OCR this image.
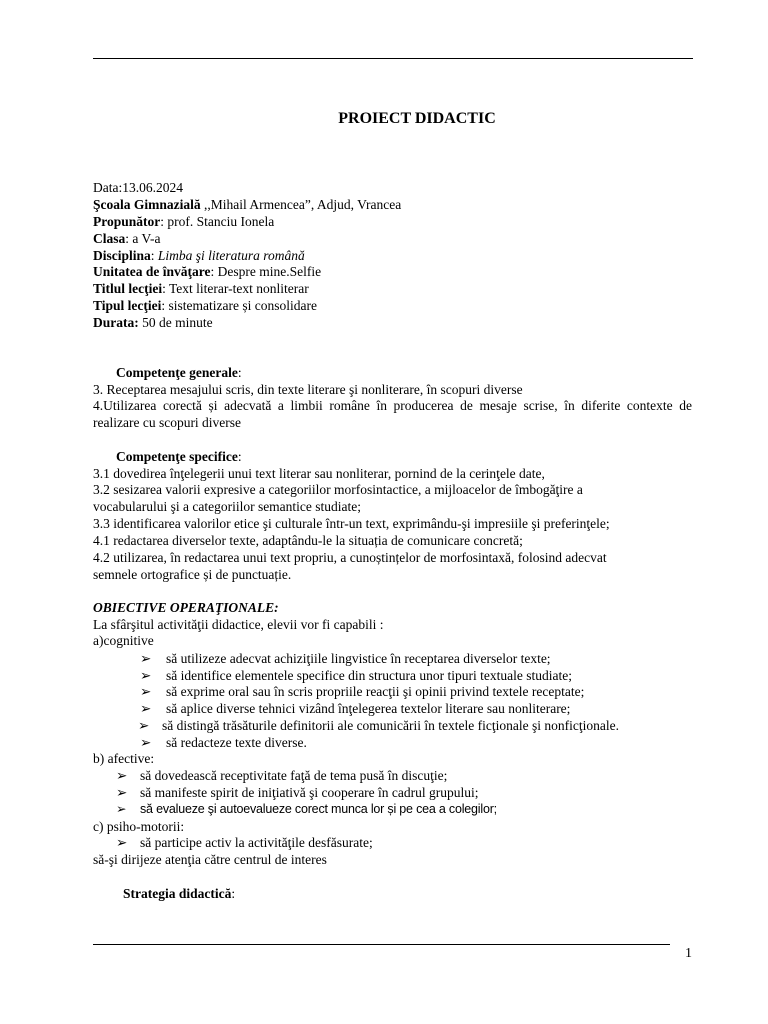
PROIECT DIDACTIC
Data:13.06.2024
Şcoala Gimnazială ,,Mihail Armencea”, Adjud, Vrancea
Propunător: prof. Stanciu Ionela
Clasa: a V-a
Disciplina: Limba şi literatura română
Unitatea de învăţare: Despre mine.Selfie
Titlul lecţiei: Text literar-text nonliterar
Tipul lecţiei: sistematizare și consolidare
Durata: 50 de minute
Competenţe generale:
3. Receptarea mesajului scris, din texte literare şi nonliterare, în scopuri diverse
4.Utilizarea corectă și adecvată a limbii române în producerea de mesaje scrise, în diferite contexte de realizare cu scopuri diverse
Competenţe specifice:
3.1 dovedirea înţelegerii unui text literar sau nonliterar, pornind de la cerinţele date,
3.2 sesizarea valorii expresive a categoriilor morfosintactice, a mijloacelor de îmbogăţire a
vocabularului şi a categoriilor semantice studiate;
3.3 identificarea valorilor etice şi culturale într-un text, exprimându-şi impresiile şi preferinţele;
4.1 redactarea diverselor texte, adaptându-le la situația de comunicare concretă;
4.2 utilizarea, în redactarea unui text propriu, a cunoștințelor de morfosintaxă, folosind adecvat
semnele ortografice și de punctuație.
OBIECTIVE OPERAŢIONALE:
La sfârşitul activităţii didactice, elevii vor fi capabili :
a)cognitive
➢ să utilizeze adecvat achiziţiile lingvistice în receptarea diverselor texte;
➢ să identifice elementele specifice din structura unor tipuri textuale studiate;
➢ să exprime oral sau în scris propriile reacţii şi opinii privind textele receptate;
➢ să aplice diverse tehnici vizând înţelegerea textelor literare sau nonliterare;
➢ să distingă trăsăturile definitorii ale comunicării în textele ficţionale şi nonficţionale.
➢ să redacteze texte diverse.
b) afective:
➢ să dovedească receptivitate faţă de tema pusă în discuţie;
➢ să manifeste spirit de iniţiativă şi cooperare în cadrul grupului;
➢ să evalueze şi autoevalueze corect munca lor și pe cea a colegilor;
c) psiho-motorii:
➢ să participe activ la activităţile desfăsurate;
să-şi dirijeze atenţia către centrul de interes
Strategia didactică:
1
